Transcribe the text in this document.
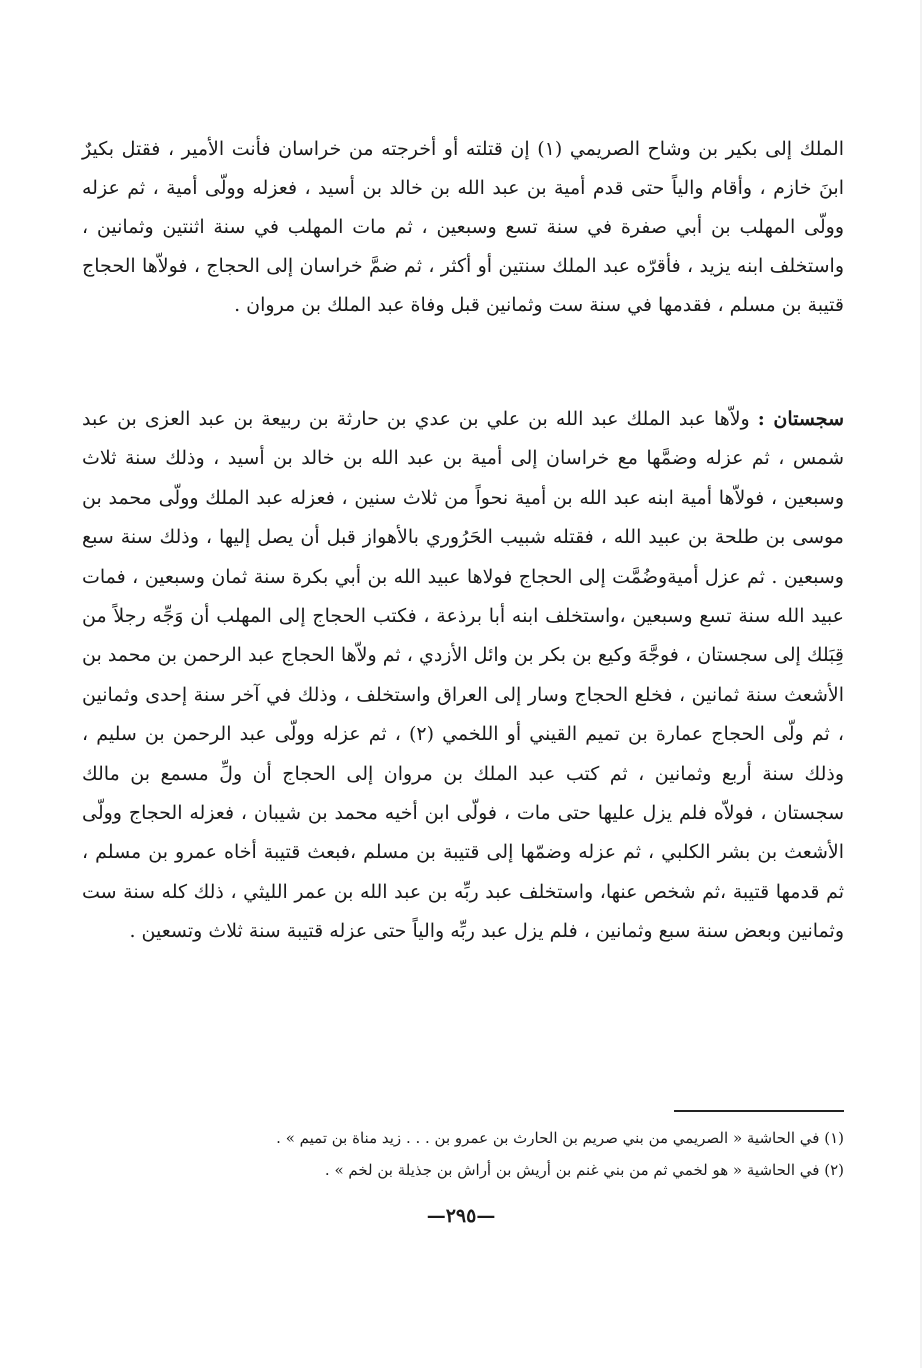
الملك إلى بكير بن وشاح الصريمي (١) إن قتلته أو أخرجته من خراسان فأنت الأمير ، فقتل بكيرٌ ابنَ خازم ، وأقام والياً حتى قدم أمية بن عبد الله بن خالد بن أسيد ، فعزله وولّى أمية ، ثم عزله وولّى المهلب بن أبي صفرة في سنة تسع وسبعين ، ثم مات المهلب في سنة اثنتين وثمانين ، واستخلف ابنه يزيد ، فأقرّه عبد الملك سنتين أو أكثر ، ثم ضمَّ خراسان إلى الحجاج ، فولاّها الحجاج قتيبة بن مسلم ، فقدمها في سنة ست وثمانين قبل وفاة عبد الملك بن مروان .

سجستان : ولاّها عبد الملك عبد الله بن علي بن عدي بن حارثة بن ربيعة بن عبد العزى بن عبد شمس ، ثم عزله وضمَّها مع خراسان إلى أمية بن عبد الله بن خالد بن أسيد ، وذلك سنة ثلاث وسبعين ، فولاّها أمية ابنه عبد الله بن أمية نحواً من ثلاث سنين ، فعزله عبد الملك وولّى محمد بن موسى بن طلحة بن عبيد الله ، فقتله شبيب الحَرُوري بالأهواز قبل أن يصل إليها ، وذلك سنة سبع وسبعين . ثم عزل أميةوضُمَّت إلى الحجاج فولاها عبيد الله بن أبي بكرة سنة ثمان وسبعين ، فمات عبيد الله سنة تسع وسبعين ،واستخلف ابنه أبا برذعة ، فكتب الحجاج إلى المهلب أن وَجِّه رجلاً من قِبَلك إلى سجستان ، فوجَّهَ وكيع بن بكر بن وائل الأزدي ، ثم ولاّها الحجاج عبد الرحمن بن محمد بن الأشعث سنة ثمانين ، فخلع الحجاج وسار إلى العراق واستخلف ، وذلك في آخر سنة إحدى وثمانين ، ثم ولّى الحجاج عمارة بن تميم القيني أو اللخمي (٢) ، ثم عزله وولّى عبد الرحمن بن سليم ، وذلك سنة أربع وثمانين ، ثم كتب عبد الملك بن مروان إلى الحجاج أن ولِّ مسمع بن مالك سجستان ، فولاّه فلم يزل عليها حتى مات ، فولّى ابن أخيه محمد بن شيبان ، فعزله الحجاج وولّى الأشعث بن بشر الكلبي ، ثم عزله وضمّها إلى قتيبة بن مسلم ،فبعث قتيبة أخاه عمرو بن مسلم ، ثم قدمها قتيبة ،ثم شخص عنها، واستخلف عبد ربِّه بن عبد الله بن عمر الليثي ، ذلك كله سنة ست وثمانين وبعض سنة سبع وثمانين ، فلم يزل عبد ربِّه والياً حتى عزله قتيبة سنة ثلاث وتسعين .

(١) في الحاشية « الصريمي من بني صريم بن الحارث بن عمرو بن . . . زيد مناة بن تميم » .
(٢) في الحاشية « هو لخمي ثم من بني غنم بن أريش بن أراش بن جذيلة بن لخم » .
—٢٩٥—
